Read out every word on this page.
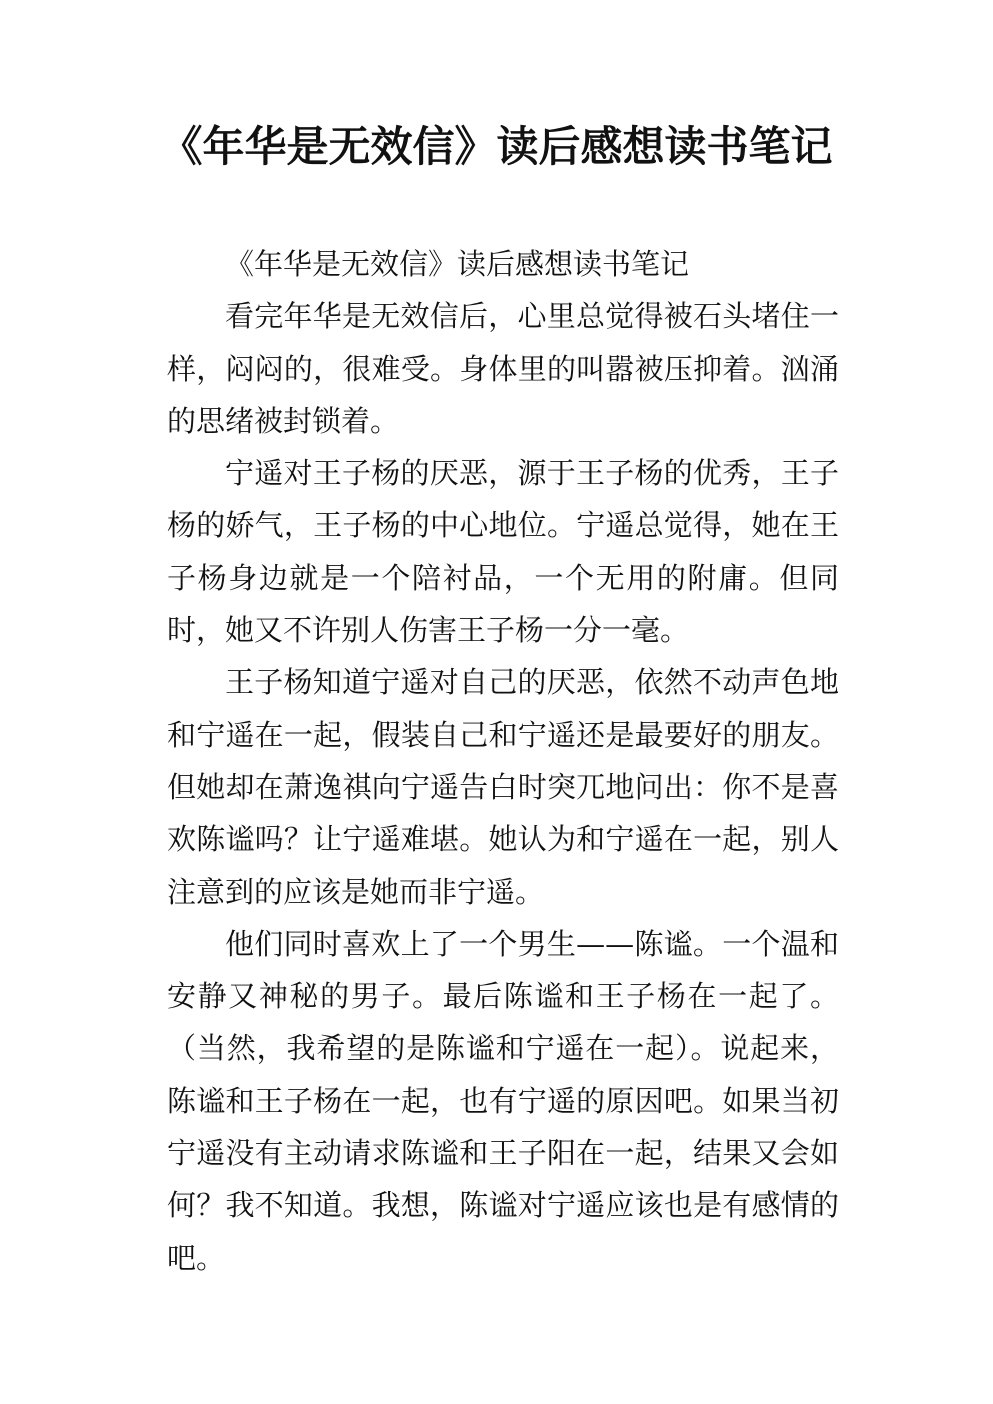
《年华是无效信》读后感想读书笔记

《年华是无效信》读后感想读书笔记

看完年华是无效信后，心里总觉得被石头堵住一样，闷闷的，很难受。身体里的叫嚣被压抑着。汹涌的思绪被封锁着。

宁遥对王子杨的厌恶，源于王子杨的优秀，王子杨的娇气，王子杨的中心地位。宁遥总觉得，她在王子杨身边就是一个陪衬品，一个无用的附庸。但同时，她又不许别人伤害王子杨一分一毫。

王子杨知道宁遥对自己的厌恶，依然不动声色地和宁遥在一起，假装自己和宁遥还是最要好的朋友。但她却在萧逸祺向宁遥告白时突兀地问出：你不是喜欢陈谧吗？让宁遥难堪。她认为和宁遥在一起，别人注意到的应该是她而非宁遥。

他们同时喜欢上了一个男生——陈谧。一个温和安静又神秘的男子。最后陈谧和王子杨在一起了。（当然，我希望的是陈谧和宁遥在一起）。说起来，陈谧和王子杨在一起，也有宁遥的原因吧。如果当初宁遥没有主动请求陈谧和王子阳在一起，结果又会如何？我不知道。我想，陈谧对宁遥应该也是有感情的吧。
